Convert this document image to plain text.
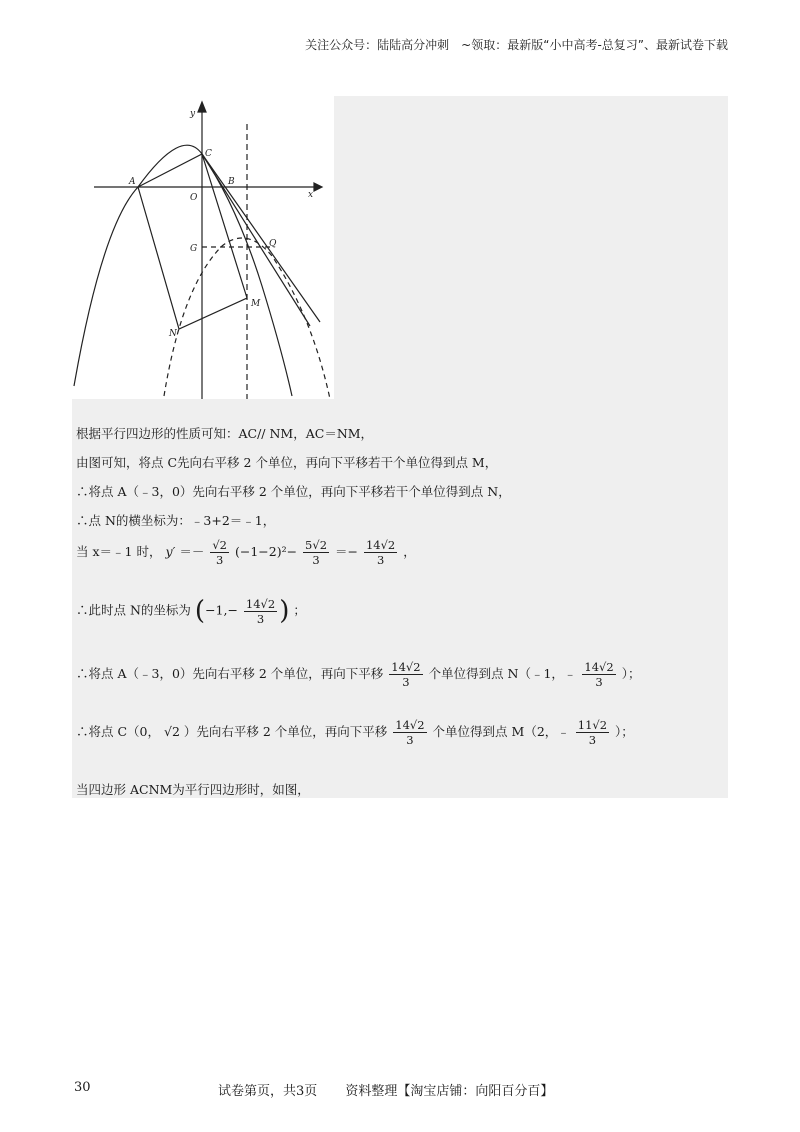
关注公众号：陆陆高分冲刺　~领取：最新版“小中高考-总复习”、最新试卷下载
y
x
C
A	B
O
G	Q
M
N
根据平行四边形的性质可知：AC// NM，AC＝NM，
由图可知，将点 C先向右平移 2 个单位，再向下平移若干个单位得到点 M，
∴将点 A（﹣3，0）先向右平移 2 个单位，再向下平移若干个单位得到点 N，
∴点 N的横坐标为：﹣3+2＝﹣1，
当 x＝﹣1 时， $y' =- \frac{√2}{3} (-1-2)^2- \frac{5√2}{3} =- \frac{14√2}{3}$ ，
∴此时点 N的坐标为 ($-1,- \frac{14√2}{3}$ ) ；
∴将点 A（﹣3，0）先向右平移 2 个单位，再向下平移 $\frac{14√2}{3}$ 个单位得到点 N（﹣1，﹣ $\frac{14√2}{3}$ ）；
∴将点 C（0， √2 ）先向右平移 2 个单位，再向下平移 $\frac{14√2}{3}$ 个单位得到点 M（2，﹣ $\frac{11√2}{3}$ ）；
当四边形 ACNM为平行四边形时，如图，
30	试卷第页，共3页 资料整理【淘宝店铺：向阳百分百】
